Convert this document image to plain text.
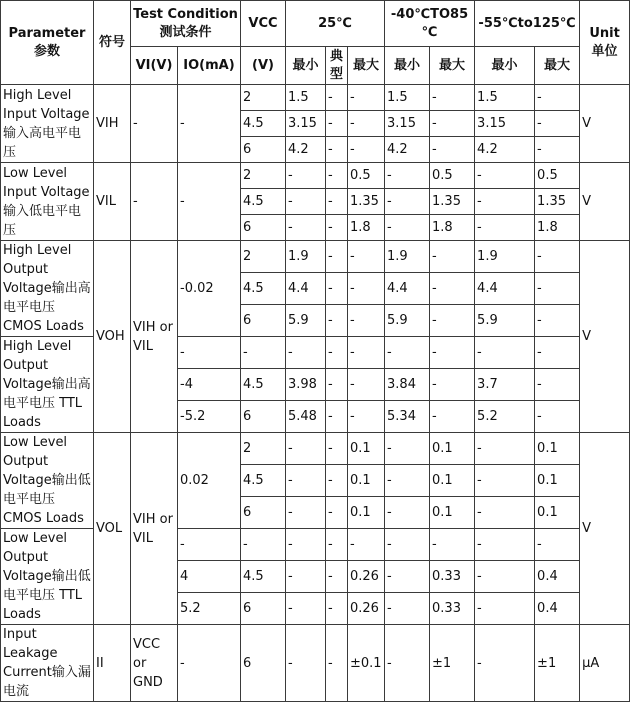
Parameter 参数	符号	Test Condition测试条件		VCC	25℃			-40℃TO85℃		-55℃to125℃		Unit 单位
		VI(V)	IO(mA)	(V)	最小	典型	最大	最小	最大	最小	最大	
High Level Input Voltage输入高电平电压	VIH	-	-	2	1.5	-	-	1.5	-	1.5	-	V
				4.5	3.15	-	-	3.15	-	3.15	-	
				6	4.2	-	-	4.2	-	4.2	-	
Low Level Input Voltage输入低电平电压	VIL	-	-	2	-	-	0.5	-	0.5	-	0.5	V
				4.5	-	-	1.35	-	1.35	-	1.35	
				6	-	-	1.8	-	1.8	-	1.8	
High Level Output Voltage输出高电平电压 CMOS Loads	VOH	VIH or VIL	-0.02	2	1.9	-	-	1.9	-	1.9	-	V
				4.5	4.4	-	-	4.4	-	4.4	-	
				6	5.9	-	-	5.9	-	5.9	-	
High Level Output Voltage输出高电平电压 TTL Loads			-	-	-	-	-	-	-	-	-	
			-4	4.5	3.98	-	-	3.84	-	3.7	-	
			-5.2	6	5.48	-	-	5.34	-	5.2	-	
Low Level Output Voltage输出低电平电压 CMOS Loads	VOL	VIH or VIL	0.02	2	-	-	0.1	-	0.1	-	0.1	V
				4.5	-	-	0.1	-	0.1	-	0.1	
				6	-	-	0.1	-	0.1	-	0.1	
Low Level Output Voltage输出低电平电压 TTL Loads			-	-	-	-	-	-	-	-	-	
			4	4.5	-	-	0.26	-	0.33	-	0.4	
			5.2	6	-	-	0.26	-	0.33	-	0.4	
Input Leakage Current输入漏电流	II	VCC or GND	-	6	-	-	±0.1	-	±1	-	±1	μA
